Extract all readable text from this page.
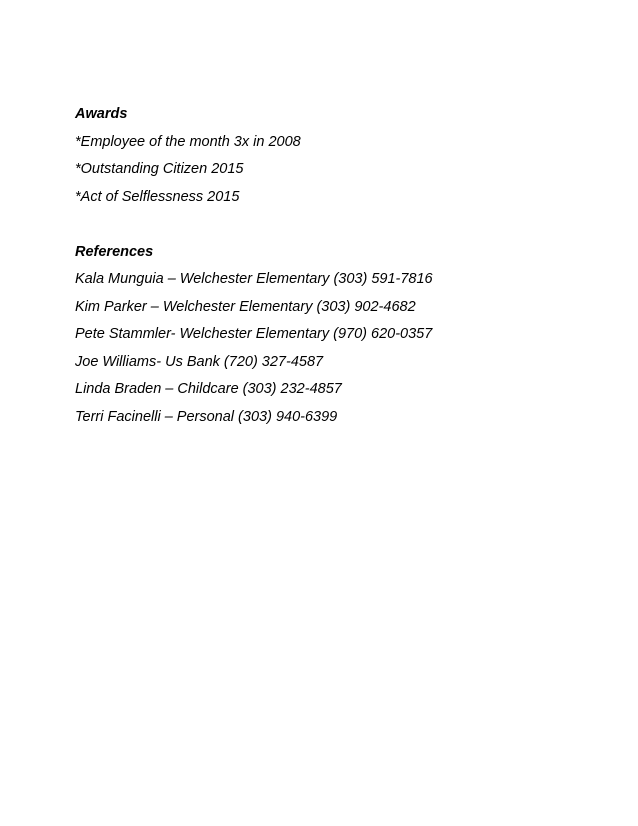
Awards

*Employee of the month 3x in 2008
*Outstanding Citizen 2015
*Act of Selflessness 2015

References

Kala Munguia – Welchester Elementary (303) 591-7816
Kim Parker – Welchester Elementary (303) 902-4682
Pete Stammler- Welchester Elementary (970) 620-0357
Joe Williams- Us Bank (720) 327-4587
Linda Braden – Childcare (303) 232-4857
Terri Facinelli – Personal (303) 940-6399
